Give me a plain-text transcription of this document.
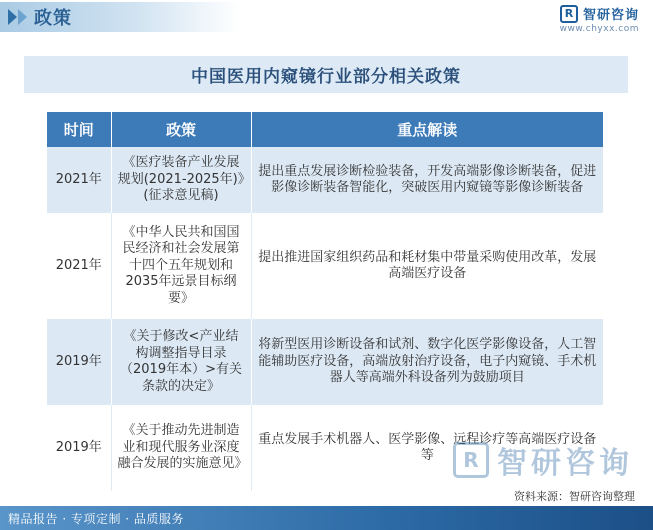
政策	R 智研咨询
www.chyxx.com
中国医用内窥镜行业部分相关政策
时间	政策	重点解读
2021年	《医疗装备产业发展规划(2021-2025年)》(征求意见稿)	提出重点发展诊断检验装备，开发高端影像诊断装备，促进影像诊断装备智能化，突破医用内窥镜等影像诊断装备
2021年	《中华人民共和国国民经济和社会发展第十四个五年规划和2035年远景目标纲要》	提出推进国家组织药品和耗材集中带量采购使用改革，发展高端医疗设备
2019年	《关于修改<产业结构调整指导目录（2019年本）>有关条款的决定》	将新型医用诊断设备和试剂、数字化医学影像设备，人工智能辅助医疗设备，高端放射治疗设备，电子内窥镜、手术机器人等高端外科设备列为鼓励项目
2019年	《关于推动先进制造业和现代服务业深度融合发展的实施意见》	重点发展手术机器人、医学影像、远程诊疗等高端医疗设备等	R 智研咨询
资料来源：智研咨询整理
精品报告 · 专项定制 · 品质服务
